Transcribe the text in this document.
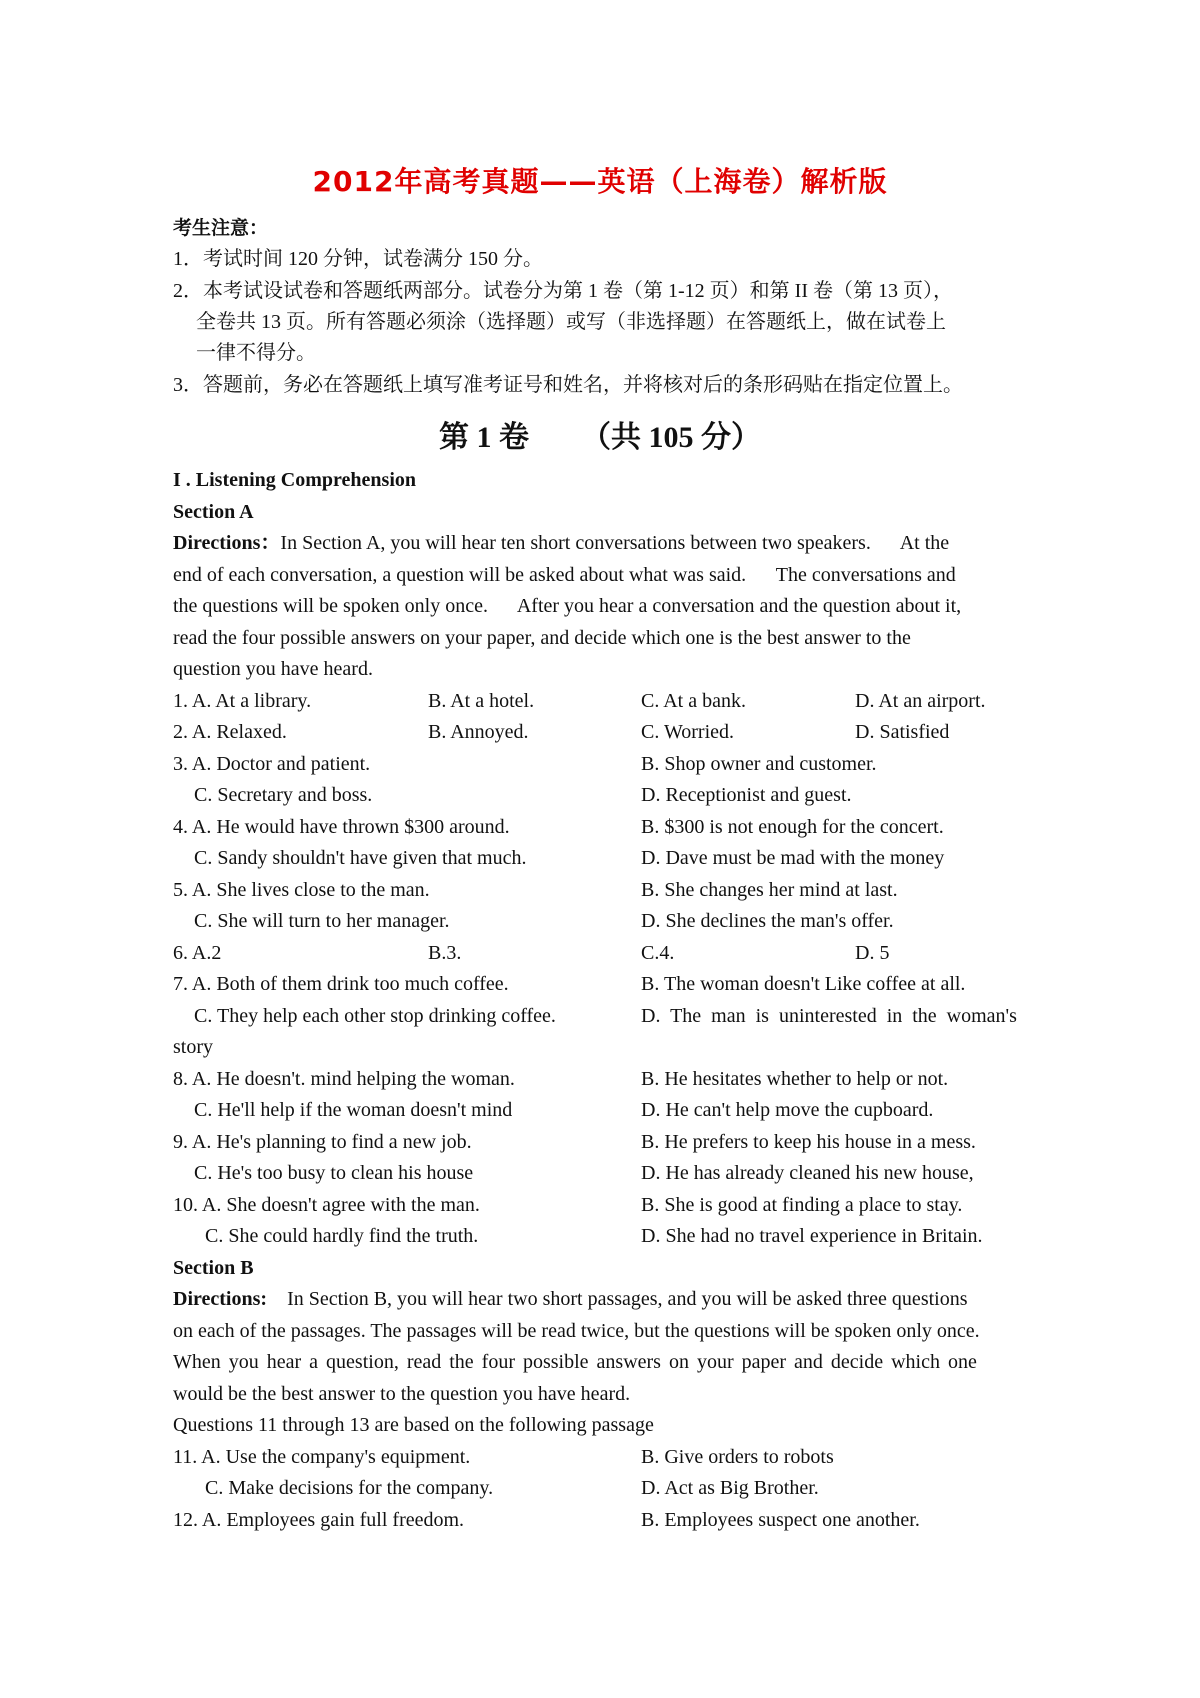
2012年高考真题——英语（上海卷）解析版
考生注意：
1．考试时间 120 分钟，试卷满分 150 分。
2．本考试设试卷和答题纸两部分。试卷分为第 1 卷（第 1-12 页）和第 II 卷（第 13 页），
全卷共 13 页。所有答题必须涂（选择题）或写（非选择题）在答题纸上，做在试卷上
一律不得分。
3．答题前，务必在答题纸上填写准考证号和姓名，并将核对后的条形码贴在指定位置上。
第 1 卷 （共 105 分）
I . Listening Comprehension
Section A
Directions：In Section A, you will hear ten short conversations between two speakers.      At the
end of each conversation, a question will be asked about what was said.      The conversations and
the questions will be spoken only once.      After you hear a conversation and the question about it,
read the four possible answers on your paper, and decide which one is the best answer to the
question you have heard.
1. A. At a library.	B. At a hotel.	C. At a bank.	D. At an airport.
2. A. Relaxed.	B. Annoyed.	C. Worried.	D. Satisfied
3. A. Doctor and patient.	B. Shop owner and customer.
C. Secretary and boss.	D. Receptionist and guest.
4. A. He would have thrown $300 around.	B. $300 is not enough for the concert.
C. Sandy shouldn't have given that much.	D. Dave must be mad with the money
5. A. She lives close to the man.	B. She changes her mind at last.
C. She will turn to her manager.	D. She declines the man's offer.
6. A.2	B.3.	C.4.	D. 5
7. A. Both of them drink too much coffee.	B. The woman doesn't Like coffee at all.
C. They help each other stop drinking coffee.	D.  The  man  is  uninterested  in  the  woman's
story
8. A. He doesn't. mind helping the woman.	B. He hesitates whether to help or not.
C. He'll help if the woman doesn't mind	D. He can't help move the cupboard.
9. A. He's planning to find a new job.	B. He prefers to keep his house in a mess.
C. He's too busy to clean his house	D. He has already cleaned his new house,
10. A. She doesn't agree with the man.	B. She is good at finding a place to stay.
C. She could hardly find the truth.	D. She had no travel experience in Britain.
Section B
Directions: In Section B, you will hear two short passages, and you will be asked three questions
on each of the passages. The passages will be read twice, but the questions will be spoken only once.
When you hear a question, read the four possible answers on your paper and decide which one
would be the best answer to the question you have heard.
Questions 11 through 13 are based on the following passage
11. A. Use the company's equipment.	B. Give orders to robots
C. Make decisions for the company.	D. Act as Big Brother.
12. A. Employees gain full freedom.	B. Employees suspect one another.
